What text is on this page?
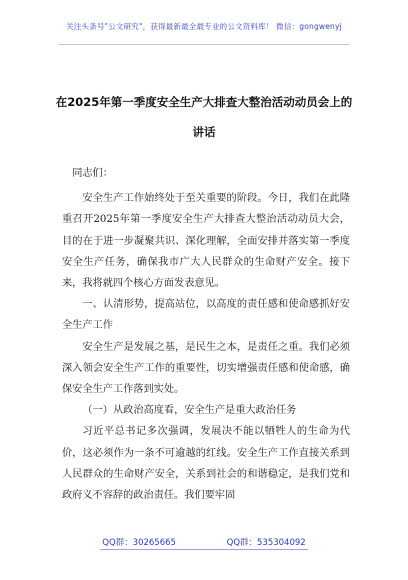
关注头条号"公文研究"，获得最新最全最专业的公文资料库！ 微信：gongwenyj
在2025年第一季度安全生产大排查大整治活动动员会上的
讲话

同志们：

安全生产工作始终处于至关重要的阶段。今日，我们在此隆重召开2025年第一季度安全生产大排查大整治活动动员大会，目的在于进一步凝聚共识、深化理解，全面安排并落实第一季度安全生产任务，确保我市广大人民群众的生命财产安全。接下来，我将就四个核心方面发表意见。

一、认清形势，提高站位，以高度的责任感和使命感抓好安全生产工作

安全生产是发展之基，是民生之本，是责任之重。我们必须深入领会安全生产工作的重要性，切实增强责任感和使命感，确保安全生产工作落到实处。

（一）从政治高度看，安全生产是重大政治任务

习近平总书记多次强调，发展决不能以牺牲人的生命为代价，这必须作为一条不可逾越的红线。安全生产工作直接关系到人民群众的生命财产安全，关系到社会的和谐稳定，是我们党和政府义不容辞的政治责任。我们要牢固

QQ群：30265665	QQ群：535304092
